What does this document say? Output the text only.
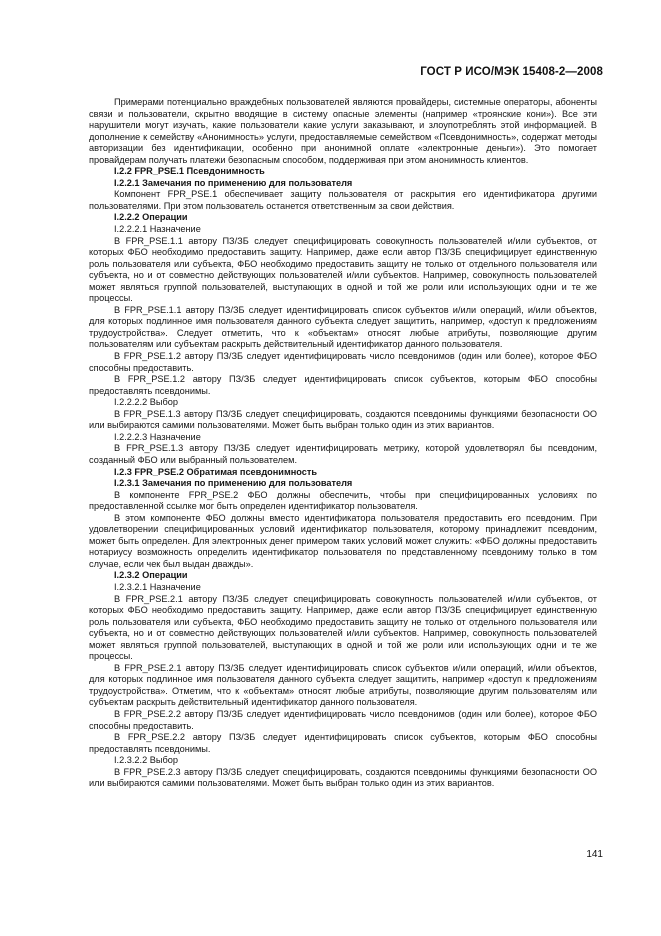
ГОСТ Р ИСО/МЭК 15408-2—2008

Примерами потенциально враждебных пользователей являются провайдеры, системные операторы, абоненты связи и пользователи, скрытно вводящие в систему опасные элементы (например «троянские кони»). Все эти нарушители могут изучать, какие пользователи какие услуги заказывают, и злоупотреблять этой информацией. В дополнение к семейству «Анонимность» услуги, предоставляемые семейством «Псевдонимность», содержат методы авторизации без идентификации, особенно при анонимной оплате «электронные деньги»). Это помогает провайдерам получать платежи безопасным способом, поддерживая при этом анонимность клиентов.

I.2.2 FPR_PSE.1 Псевдонимность

I.2.2.1 Замечания по применению для пользователя

Компонент FPR_PSE.1 обеспечивает защиту пользователя от раскрытия его идентификатора другими пользователями. При этом пользователь останется ответственным за свои действия.

I.2.2.2 Операции

I.2.2.2.1 Назначение

В FPR_PSE.1.1 автору ПЗ/ЗБ следует специфицировать совокупность пользователей и/или субъектов, от которых ФБО необходимо предоставить защиту. Например, даже если автор ПЗ/ЗБ специфицирует единственную роль пользователя или субъекта, ФБО необходимо предоставить защиту не только от отдельного пользователя или субъекта, но и от совместно действующих пользователей и/или субъектов. Например, совокупность пользователей может являться группой пользователей, выступающих в одной и той же роли или использующих одни и те же процессы.

В FPR_PSE.1.1 автору ПЗ/ЗБ следует идентифицировать список субъектов и/или операций, и/или объектов, для которых подлинное имя пользователя данного субъекта следует защитить, например, «доступ к предложениям трудоустройства». Следует отметить, что к «объектам» относят любые атрибуты, позволяющие другим пользователям или субъектам раскрыть действительный идентификатор данного пользователя.

В FPR_PSE.1.2 автору ПЗ/ЗБ следует идентифицировать число псевдонимов (один или более), которое ФБО способны предоставить.

В FPR_PSE.1.2 автору ПЗ/ЗБ следует идентифицировать список субъектов, которым ФБО способны предоставлять псевдонимы.

I.2.2.2.2 Выбор

В FPR_PSE.1.3 автору ПЗ/ЗБ следует специфицировать, создаются псевдонимы функциями безопасности ОО или выбираются самими пользователями. Может быть выбран только один из этих вариантов.

I.2.2.2.3 Назначение

В FPR_PSE.1.3 автору ПЗ/ЗБ следует идентифицировать метрику, которой удовлетворял бы псевдоним, созданный ФБО или выбранный пользователем.

I.2.3 FPR_PSE.2 Обратимая псевдонимность

I.2.3.1 Замечания по применению для пользователя

В компоненте FPR_PSE.2 ФБО должны обеспечить, чтобы при специфицированных условиях по предоставленной ссылке мог быть определен идентификатор пользователя.

В этом компоненте ФБО должны вместо идентификатора пользователя предоставить его псевдоним. При удовлетворении специфицированных условий идентификатор пользователя, которому принадлежит псевдоним, может быть определен. Для электронных денег примером таких условий может служить: «ФБО должны предоставить нотариусу возможность определить идентификатор пользователя по представленному псевдониму только в том случае, если чек был выдан дважды».

I.2.3.2 Операции

I.2.3.2.1 Назначение

В FPR_PSE.2.1 автору ПЗ/ЗБ следует специфицировать совокупность пользователей и/или субъектов, от которых ФБО необходимо предоставить защиту. Например, даже если автор ПЗ/ЗБ специфицирует единственную роль пользователя или субъекта, ФБО необходимо предоставить защиту не только от отдельного пользователя или субъекта, но и от совместно действующих пользователей и/или субъектов. Например, совокупность пользователей может являться группой пользователей, выступающих в одной и той же роли или использующих одни и те же процессы.

В FPR_PSE.2.1 автору ПЗ/ЗБ следует идентифицировать список субъектов и/или операций, и/или объектов, для которых подлинное имя пользователя данного субъекта следует защитить, например «доступ к предложениям трудоустройства». Отметим, что к «объектам» относят любые атрибуты, позволяющие другим пользователям или субъектам раскрыть действительный идентификатор данного пользователя.

В FPR_PSE.2.2 автору ПЗ/ЗБ следует идентифицировать число псевдонимов (один или более), которое ФБО способны предоставить.

В FPR_PSE.2.2 автору ПЗ/ЗБ следует идентифицировать список субъектов, которым ФБО способны предоставлять псевдонимы.

I.2.3.2.2 Выбор

В FPR_PSE.2.3 автору ПЗ/ЗБ следует специфицировать, создаются псевдонимы функциями безопасности ОО или выбираются самими пользователями. Может быть выбран только один из этих вариантов.

141
